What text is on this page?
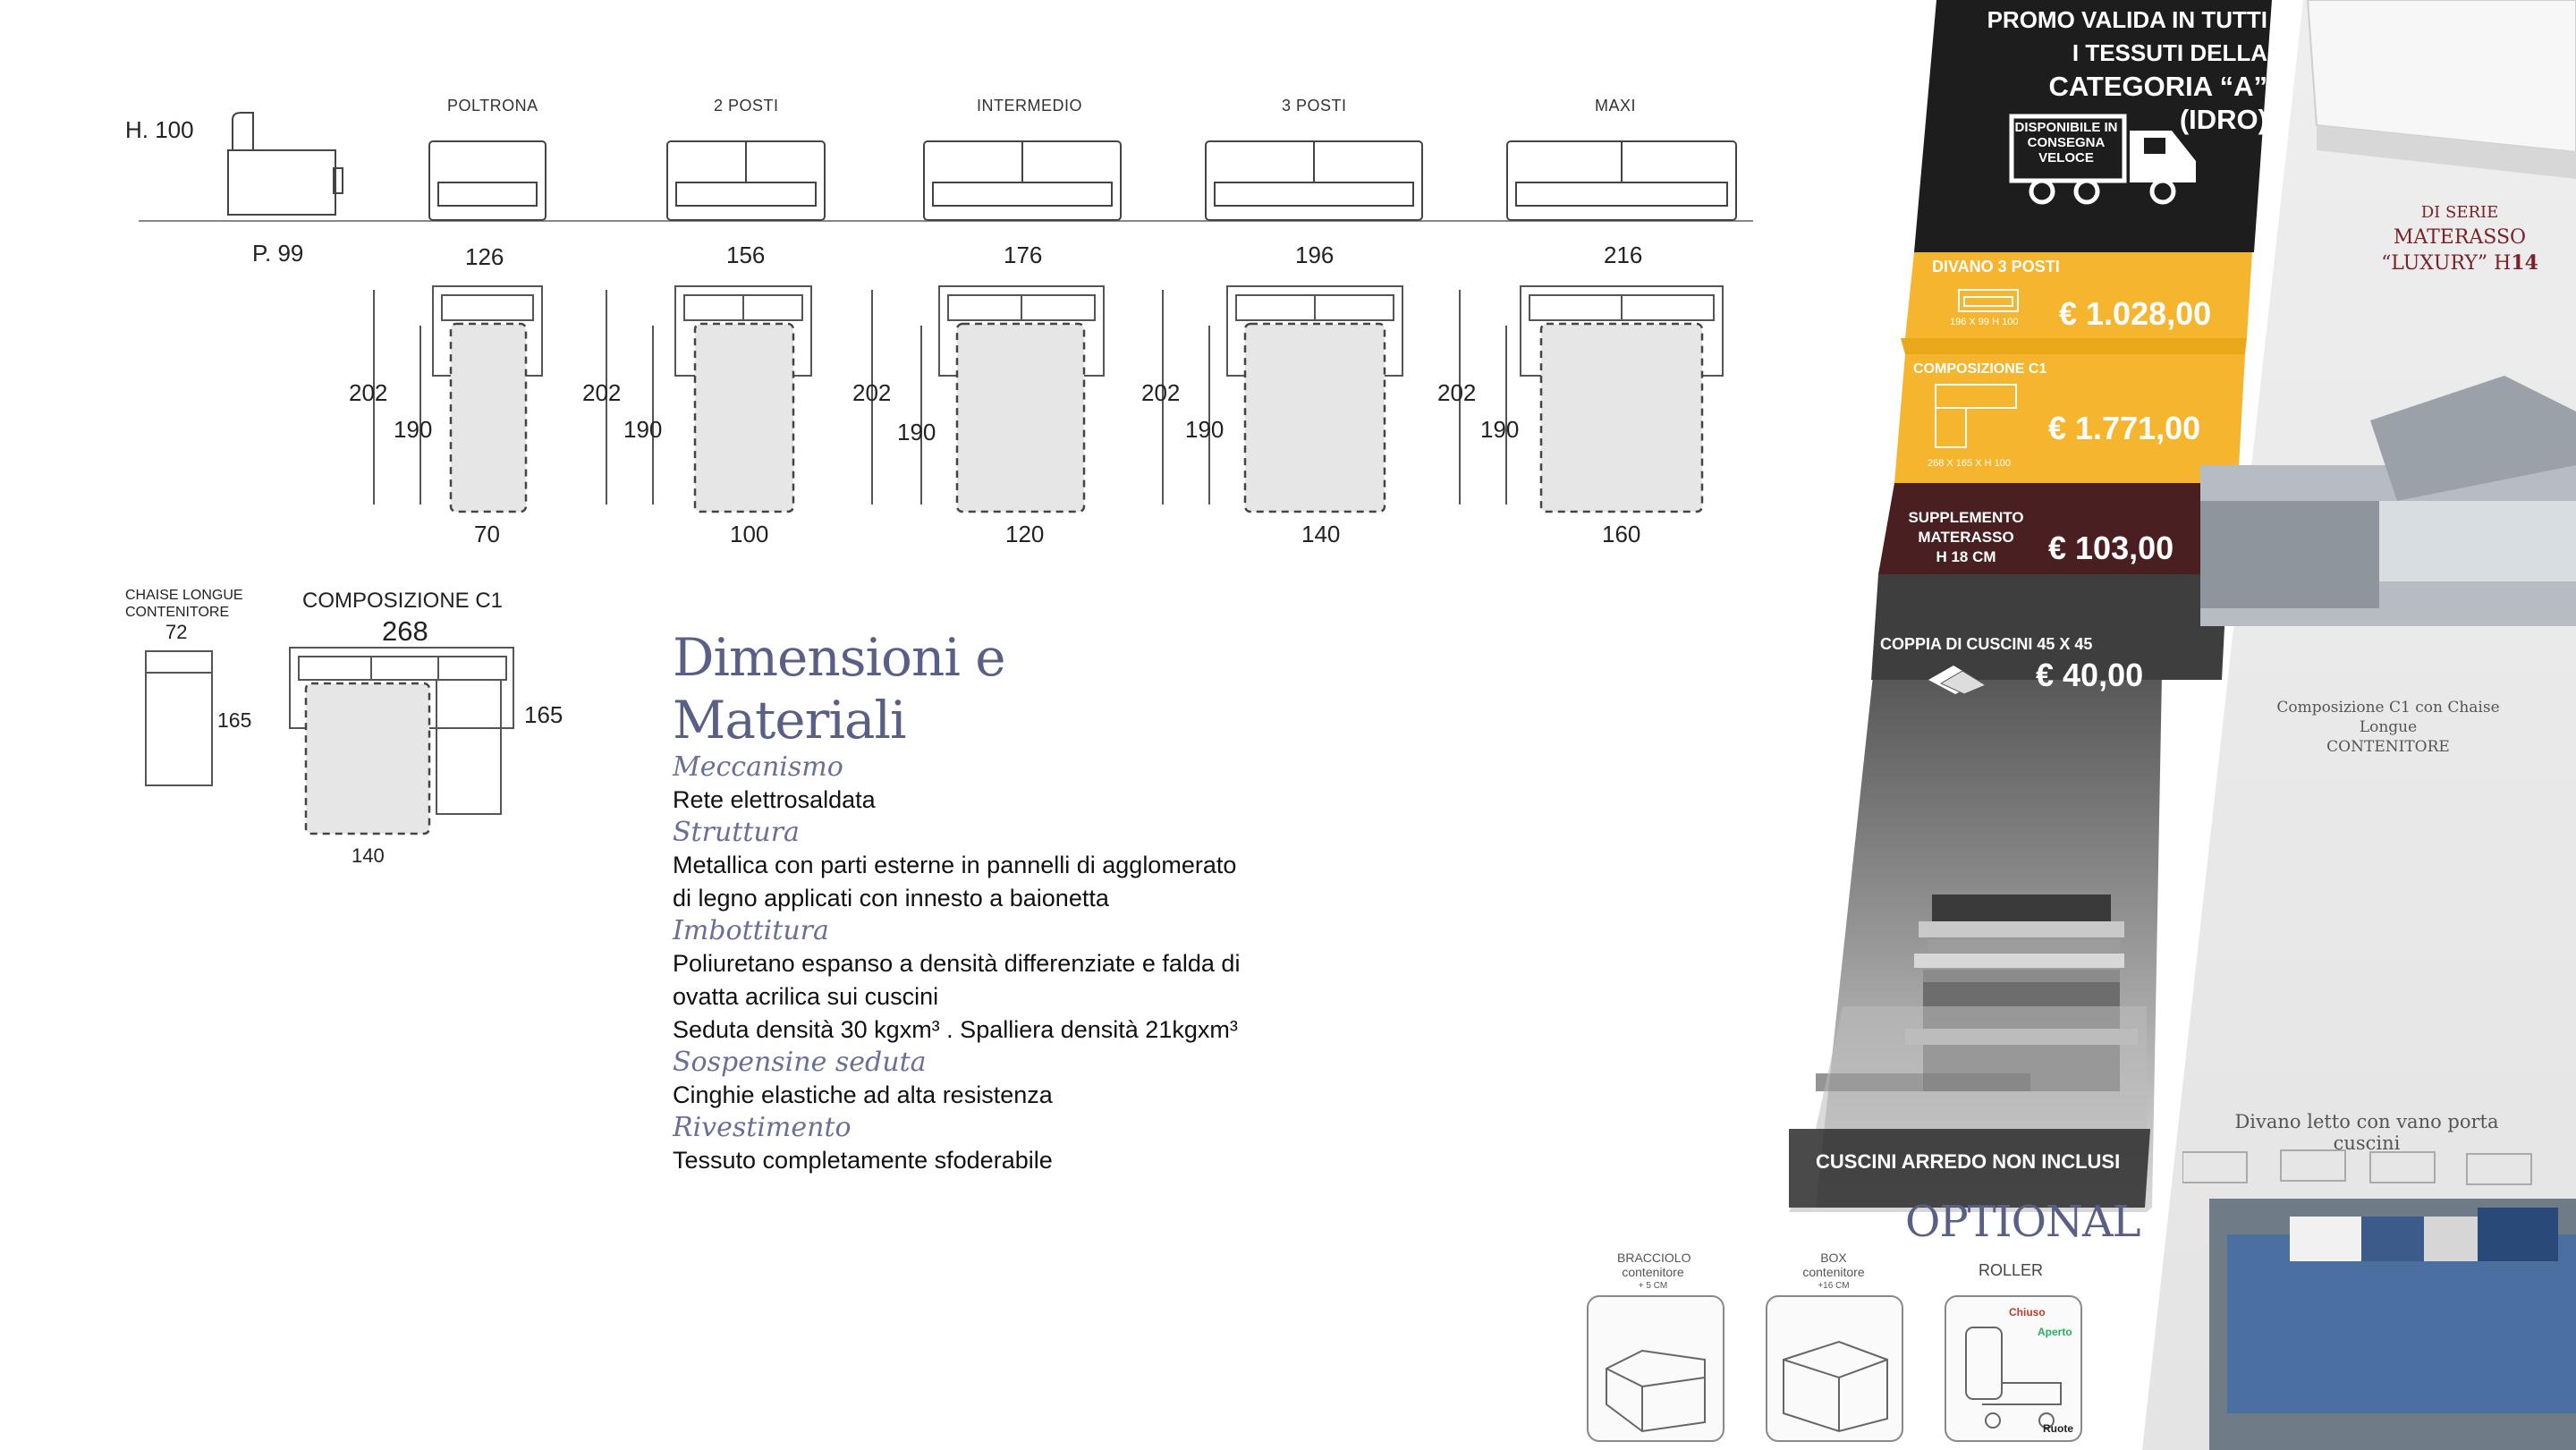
H. 100
P. 99
POLTRONA	2 POSTI	INTERMEDIO	3 POSTI	MAXI
126	156	176	196	216
202
190
70
202
190
100
202
190
120
202
190
140
202
190
160
CHAISE LONGUE
CONTENITORE
72
165
COMPOSIZIONE C1
268
165
140
Dimensioni e Materiali
Meccanismo
Rete elettrosaldata
Struttura
Metallica con parti esterne in pannelli di agglomerato
di legno applicati con innesto a baionetta
Imbottitura
Poliuretano espanso a densità differenziate e falda di
ovatta acrilica sui cuscini
Seduta densità 30 kgxm³ . Spalliera densità 21kgxm³
Sospensine seduta
Cinghie elastiche ad alta resistenza
Rivestimento
Tessuto completamente sfoderabile
PROMO VALIDA IN TUTTI
I TESSUTI DELLA
CATEGORIA “A” (IDRO)
DISPONIBILE IN
CONSEGNA
VELOCE
DIVANO 3 POSTI
196 X 99 H 100 € 1.028,00
COMPOSIZIONE C1
268 X 165 X H 100
€ 1.771,00
SUPPLEMENTO
MATERASSO
H 18 CM	€ 103,00
COPPIA DI CUSCINI 45 X 45
€ 40,00
CUSCINI ARREDO NON INCLUSI
OPTIONAL
BRACCIOLO
contenitore
+ 5 CM
BOX
contenitore
+16 CM
ROLLER
Chiuso
Aperto
Ruote
DI SERIE
MATERASSO
“LUXURY” H14
Composizione C1 con Chaise Longue
CONTENITORE
Divano letto con vano porta cuscini
